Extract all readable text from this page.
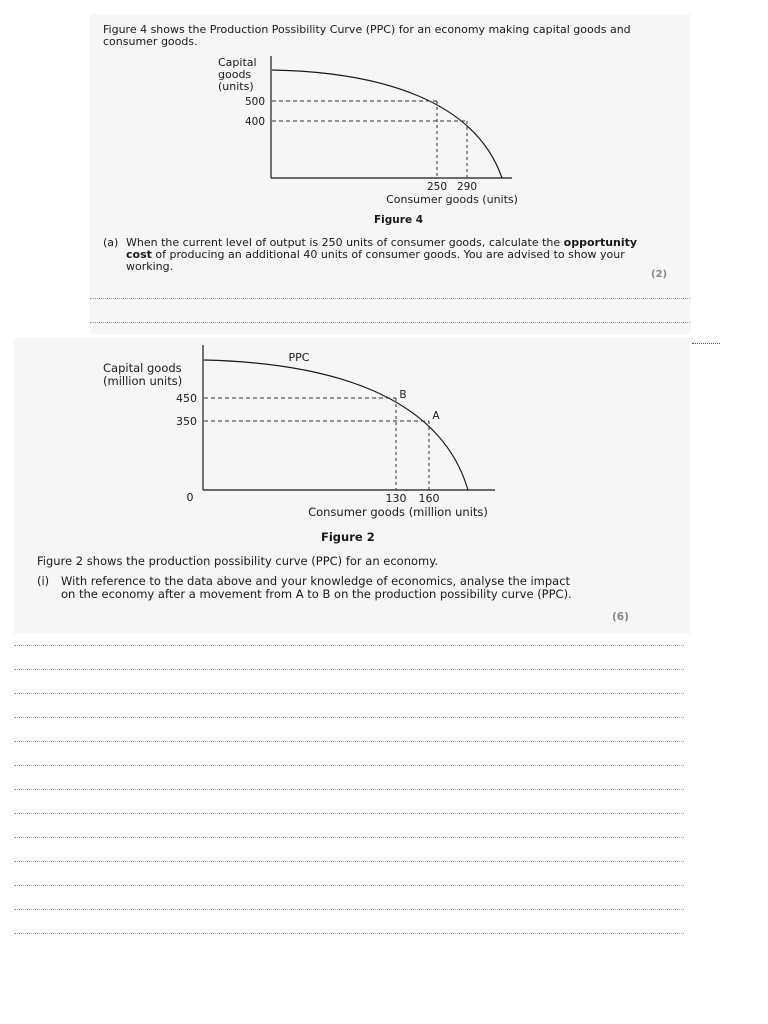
Figure 4 shows the Production Possibility Curve (PPC) for an economy making capital goods and consumer goods.

Capital
goods
(units)
500
400
250 290
Consumer goods (units)
PPC
Capital goods
(million units)
B
A
450
350
0	130 160
Consumer goods (million units)
Figure 4
(a) When the current level of output is 250 units of consumer goods, calculate the opportunity cost of producing an additional 40 units of consumer goods. You are advised to show your working.

(2)
Figure 2

Figure 2 shows the production possibility curve (PPC) for an economy.

(i) With reference to the data above and your knowledge of economics, analyse the impact on the economy after a movement from A to B on the production possibility curve (PPC).

(6)
